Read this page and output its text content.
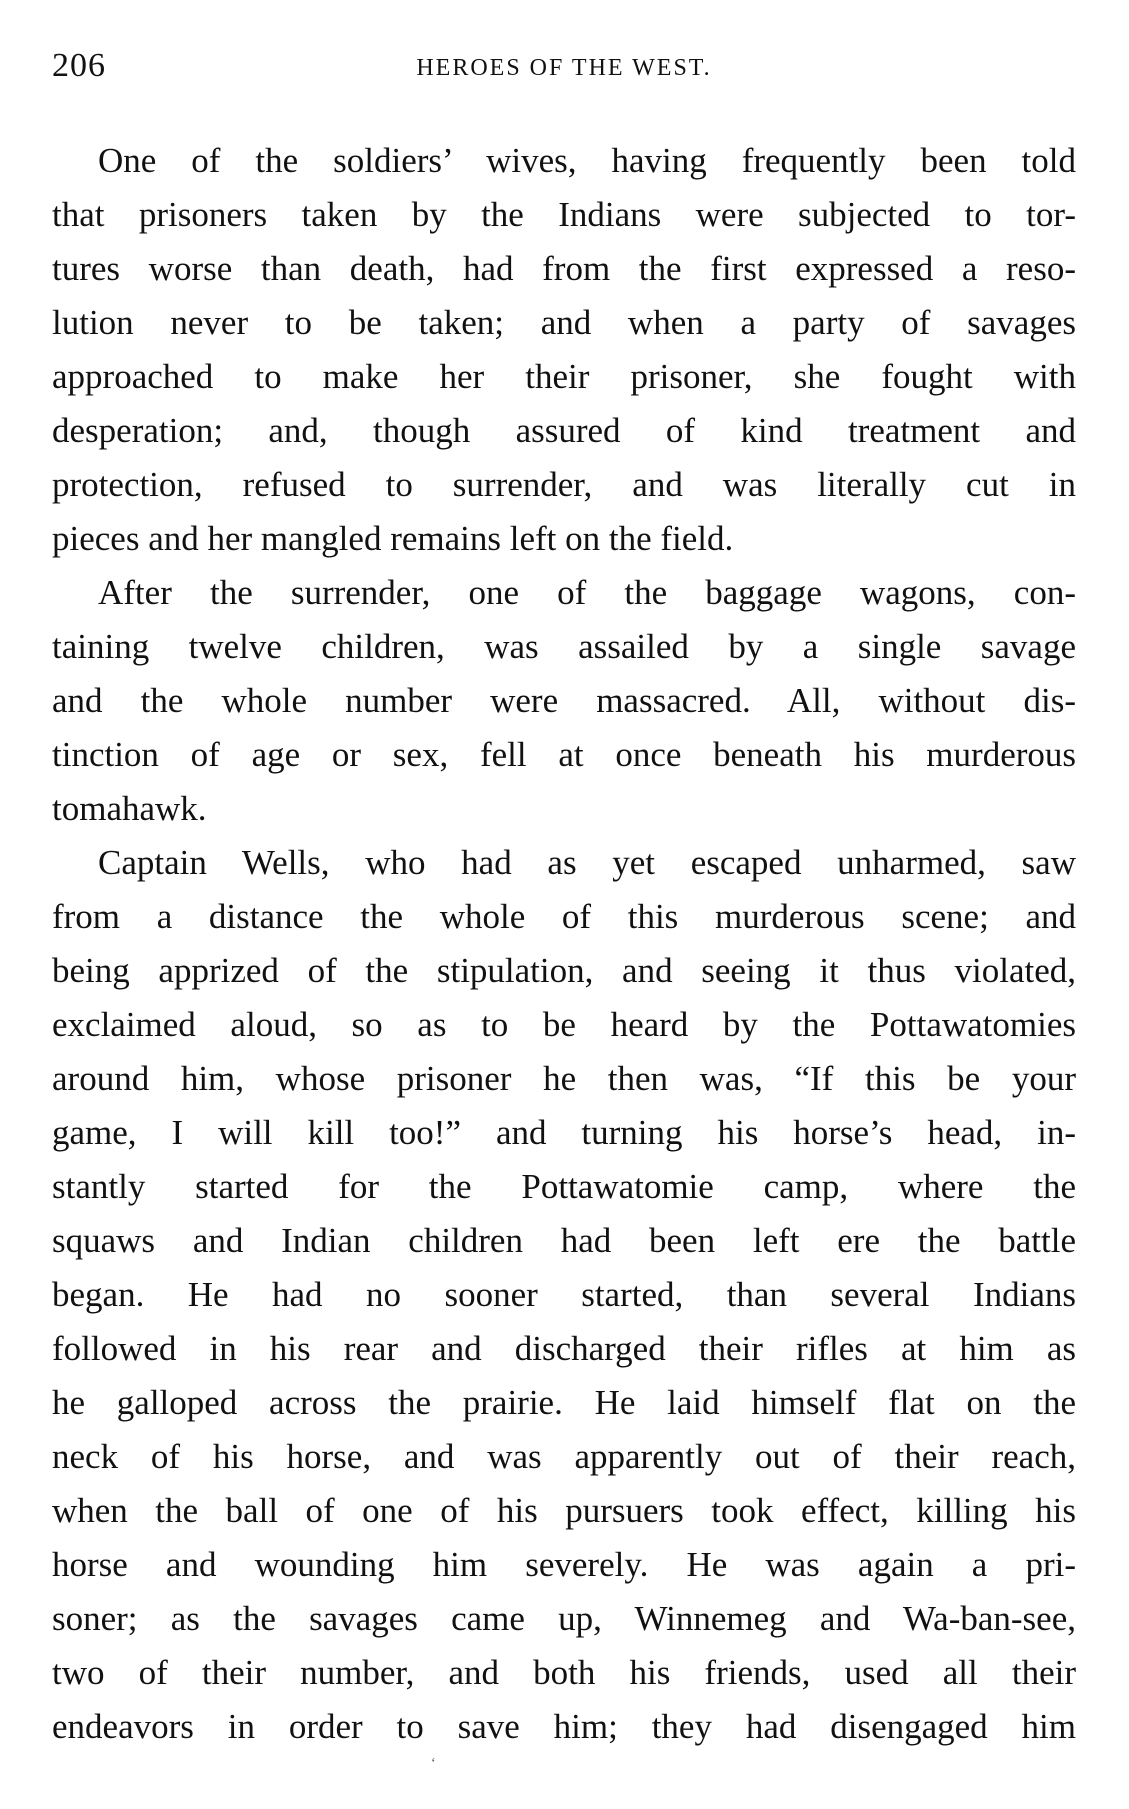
206	HEROES OF THE WEST.
One of the soldiers’ wives, having frequently been told
that prisoners taken by the Indians were subjected to tor-
tures worse than death, had from the first expressed a reso-
lution never to be taken; and when a party of savages
approached to make her their prisoner, she fought with
desperation; and, though assured of kind treatment and
protection, refused to surrender, and was literally cut in
pieces and her mangled remains left on the field.
After the surrender, one of the baggage wagons, con-
taining twelve children, was assailed by a single savage
and the whole number were massacred. All, without dis-
tinction of age or sex, fell at once beneath his murderous
tomahawk.
Captain Wells, who had as yet escaped unharmed, saw
from a distance the whole of this murderous scene; and
being apprized of the stipulation, and seeing it thus violated,
exclaimed aloud, so as to be heard by the Pottawatomies
around him, whose prisoner he then was, “If this be your
game, I will kill too!” and turning his horse’s head, in-
stantly started for the Pottawatomie camp, where the
squaws and Indian children had been left ere the battle
began. He had no sooner started, than several Indians
followed in his rear and discharged their rifles at him as
he galloped across the prairie. He laid himself flat on the
neck of his horse, and was apparently out of their reach,
when the ball of one of his pursuers took effect, killing his
horse and wounding him severely. He was again a pri-
soner; as the savages came up, Winnemeg and Wa-ban-see,
two of their number, and both his friends, used all their
endeavors in order to save him; they had disengaged him
ʻ
